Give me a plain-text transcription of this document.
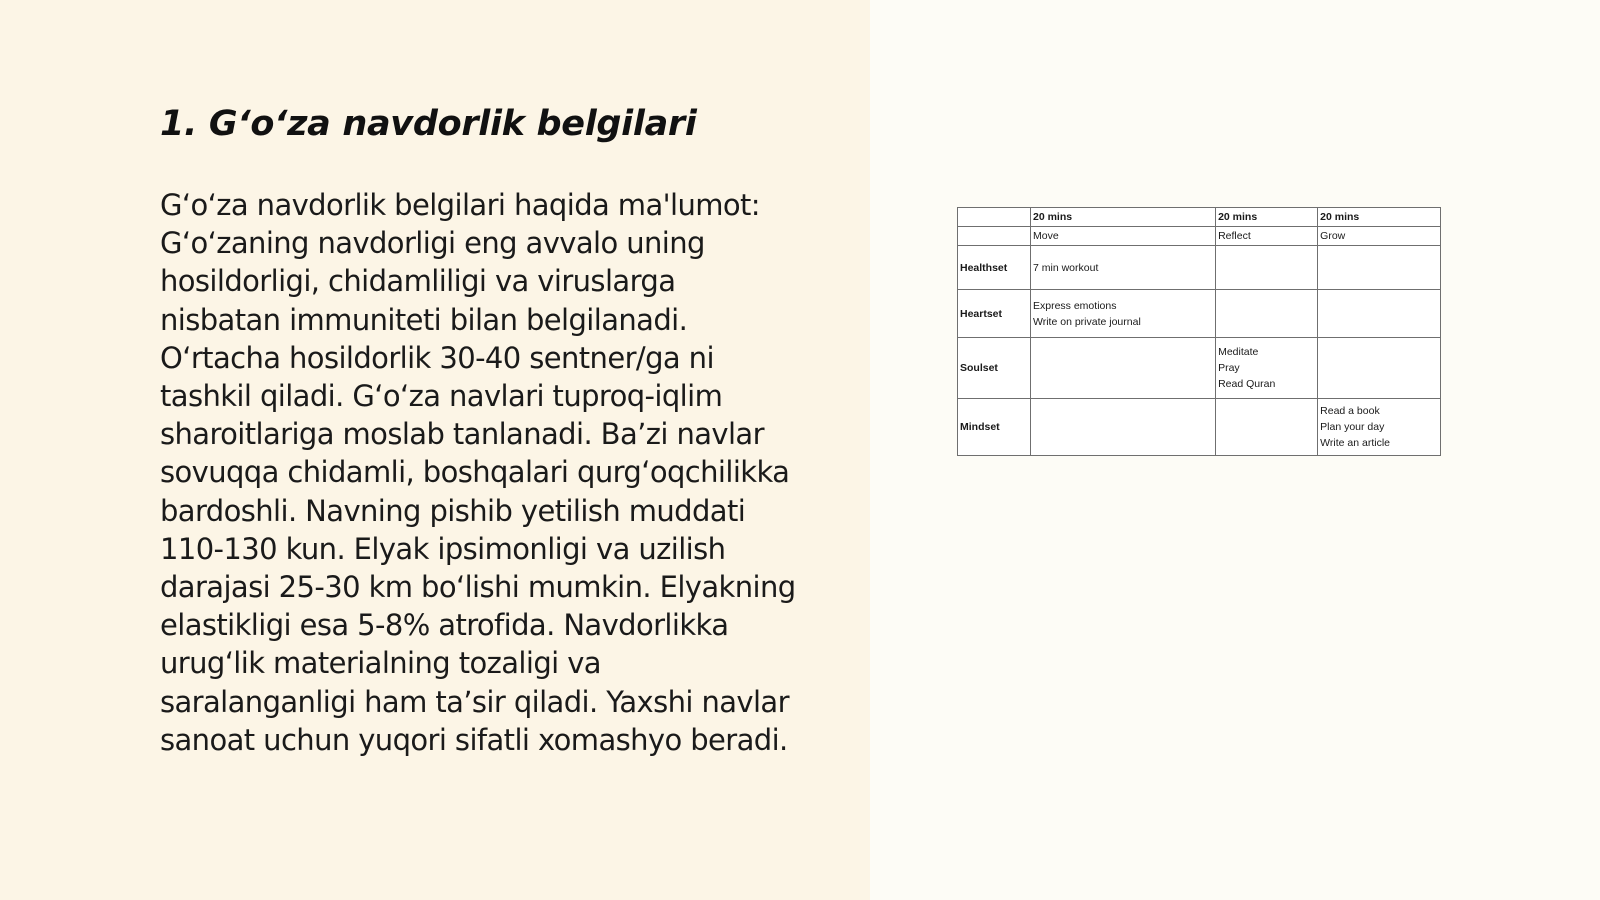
1. G‘o‘za navdorlik belgilari

G‘o‘za navdorlik belgilari haqida ma'lumot:
G‘o‘zaning navdorligi eng avvalo uning
hosildorligi, chidamliligi va viruslarga
nisbatan immuniteti bilan belgilanadi.
O‘rtacha hosildorlik 30-40 sentner/ga ni
tashkil qiladi. G‘o‘za navlari tuproq-iqlim
sharoitlariga moslab tanlanadi. Ba’zi navlar
sovuqqa chidamli, boshqalari qurg‘oqchilikka
bardoshli. Navning pishib yetilish muddati
110-130 kun. Elyak ipsimonligi va uzilish
darajasi 25-30 km bo‘lishi mumkin. Elyakning
elastikligi esa 5-8% atrofida. Navdorlikka
urug‘lik materialning tozaligi va
saralanganligi ham ta’sir qiladi. Yaxshi navlar
sanoat uchun yuqori sifatli xomashyo beradi.

	20 mins	20 mins	20 mins
	Move	Reflect	Grow
Healthset	7 min workout		

Heartset	Express emotions
Write on private journal		

Soulset		Meditate
Pray
Read Quran	

Mindset			Read a book
Plan your day
Write an article
